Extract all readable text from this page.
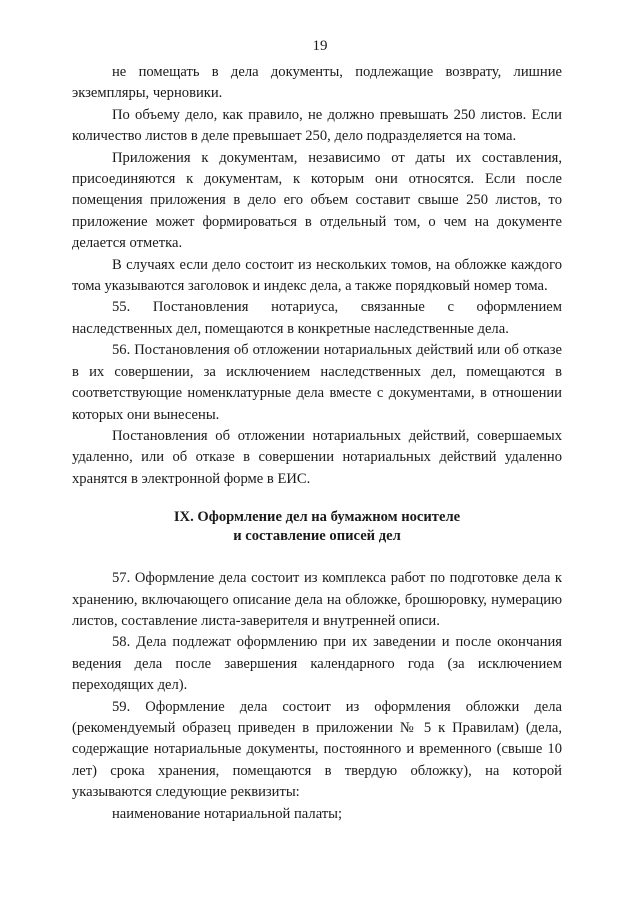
19

не помещать в дела документы, подлежащие возврату, лишние экземпляры, черновики.

По объему дело, как правило, не должно превышать 250 листов. Если количество листов в деле превышает 250, дело подразделяется на тома.

Приложения к документам, независимо от даты их составления, присоединяются к документам, к которым они относятся. Если после помещения приложения в дело его объем составит свыше 250 листов, то приложение может формироваться в отдельный том, о чем на документе делается отметка.

В случаях если дело состоит из нескольких томов, на обложке каждого тома указываются заголовок и индекс дела, а также порядковый номер тома.

55. Постановления нотариуса, связанные с оформлением наследственных дел, помещаются в конкретные наследственные дела.

56. Постановления об отложении нотариальных действий или об отказе в их совершении, за исключением наследственных дел, помещаются в соответствующие номенклатурные дела вместе с документами, в отношении которых они вынесены.

Постановления об отложении нотариальных действий, совершаемых удаленно, или об отказе в совершении нотариальных действий удаленно хранятся в электронной форме в ЕИС.

IX. Оформление дел на бумажном носителе
и составление описей дел

57. Оформление дела состоит из комплекса работ по подготовке дела к хранению, включающего описание дела на обложке, брошюровку, нумерацию листов, составление листа-заверителя и внутренней описи.

58. Дела подлежат оформлению при их заведении и после окончания ведения дела после завершения календарного года (за исключением переходящих дел).

59. Оформление дела состоит из оформления обложки дела (рекомендуемый образец приведен в приложении № 5 к Правилам) (дела, содержащие нотариальные документы, постоянного и временного (свыше 10 лет) срока хранения, помещаются в твердую обложку), на которой указываются следующие реквизиты:

наименование нотариальной палаты;
